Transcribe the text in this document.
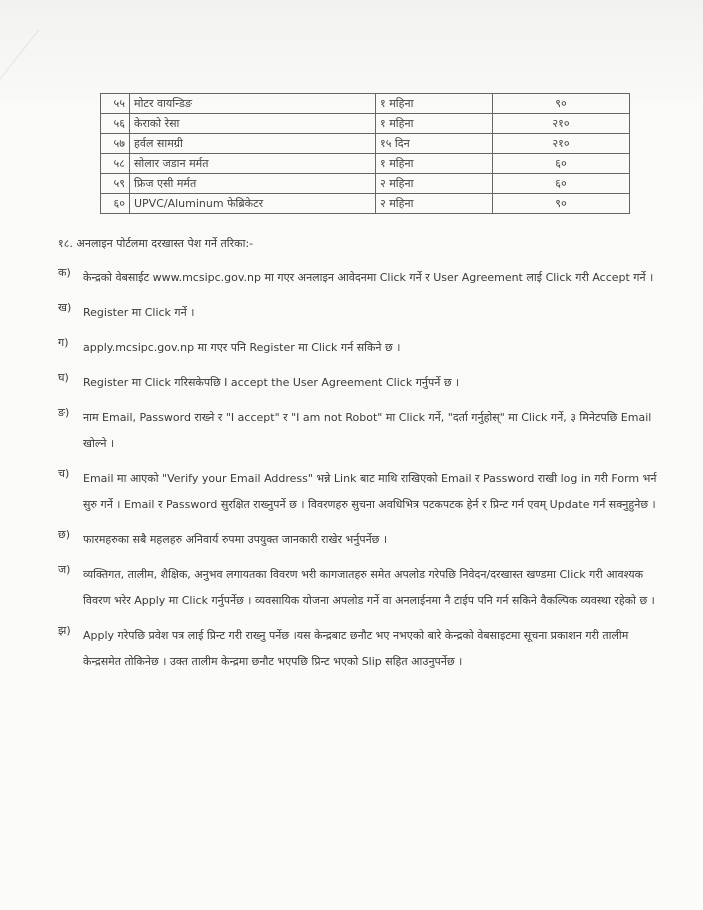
५५	मोटर वायन्डिङ	१ महिना	९०
५६	केराको रेसा	१ महिना	२१०
५७	हर्वल सामग्री	१५ दिन	२१०
५८	सोलार जडान मर्मत	१ महिना	६०
५९	फ्रिज एसी मर्मत	२ महिना	६०
६०	UPVC/Aluminum फेब्रिकेटर	२ महिना	९०
१८. अनलाइन पोर्टलमा दरखास्त पेश गर्ने तरिका:-
क) केन्द्रको वेबसाईट www.mcsipc.gov.np मा गएर अनलाइन आवेदनमा Click गर्ने र User Agreement लाई Click गरी Accept गर्ने ।
ख) Register मा Click गर्ने ।
ग) apply.mcsipc.gov.np मा गएर पनि Register मा Click गर्न सकिने छ ।
घ) Register मा Click गरिसकेपछि I accept the User Agreement Click गर्नुपर्ने छ ।
ङ) नाम Email, Password राख्ने र "I accept" र "I am not Robot" मा Click गर्ने, "दर्ता गर्नुहोस्" मा Click गर्ने, ३ मिनेटपछि Email खोल्ने ।
च) Email मा आएको "Verify your Email Address" भन्ने Link बाट माथि राखिएको Email र Password राखी log in गरी Form भर्न सुरु गर्ने । Email र Password सुरक्षित राख्नुपर्ने छ । विवरणहरु सुचना अवधिभित्र पटकपटक हेर्न र प्रिन्ट गर्न एवम् Update गर्न सक्नुहुनेछ ।
छ) फारमहरुका सबै महलहरु अनिवार्य रुपमा उपयुक्त जानकारी राखेर भर्नुपर्नेछ ।
ज) व्यक्तिगत, तालीम, शैक्षिक, अनुभव लगायतका विवरण भरी कागजातहरु समेत अपलोड गरेपछि निवेदन/दरखास्त खण्डमा Click गरी आवश्यक विवरण भरेर Apply मा Click गर्नुपर्नेछ । व्यवसायिक योजना अपलोड गर्ने वा अनलाईनमा नै टाईप पनि गर्न सकिने वैकल्पिक व्यवस्था रहेको छ ।
झ) Apply गरेपछि प्रवेश पत्र लाई प्रिन्ट गरी राख्नु पर्नेछ ।यस केन्द्रबाट छनौट भए नभएको बारे केन्द्रको वेबसाइटमा सूचना प्रकाशन गरी तालीम केन्द्रसमेत तोकिनेछ । उक्त तालीम केन्द्रमा छनौट भएपछि प्रिन्ट भएको Slip सहित आउनुपर्नेछ ।
